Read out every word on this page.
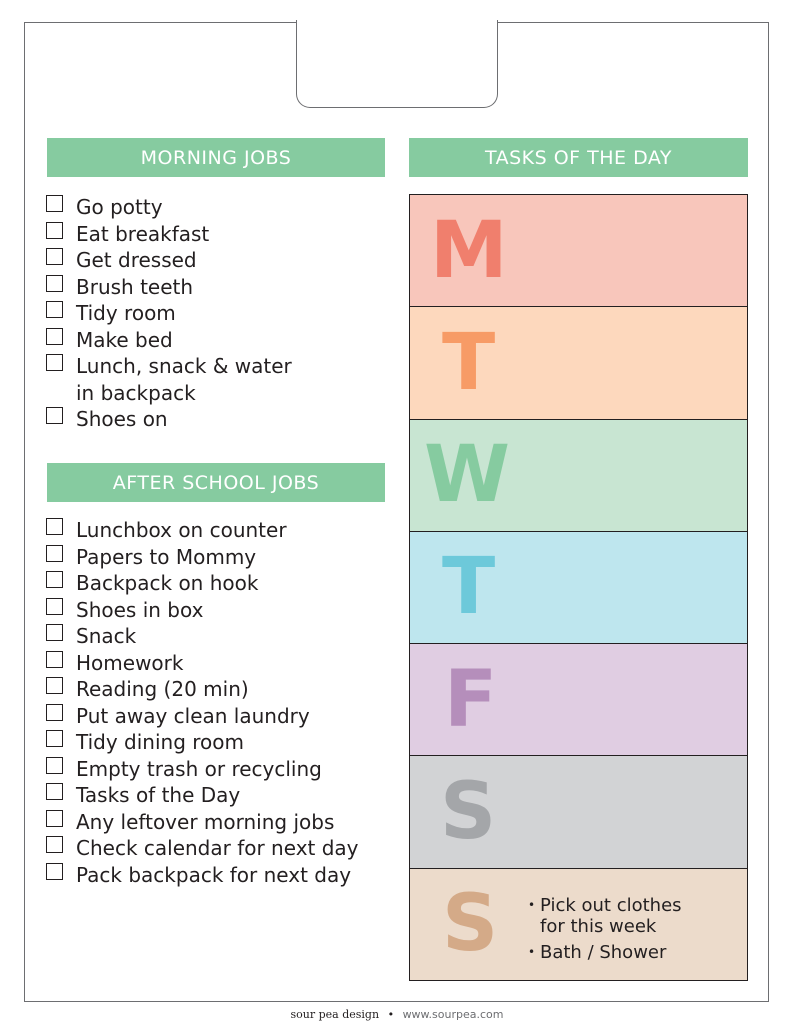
MORNING JOBS
Go potty
Eat breakfast
Get dressed
Brush teeth
Tidy room
Make bed
Lunch, snack & water
in backpack
Shoes on
AFTER SCHOOL JOBS
Lunchbox on counter
Papers to Mommy
Backpack on hook
Shoes in box
Snack
Homework
Reading (20 min)
Put away clean laundry
Tidy dining room
Empty trash or recycling
Tasks of the Day
Any leftover morning jobs
Check calendar for next day
Pack backpack for next day
TASKS OF THE DAY
M
T
W
T
F
S
S
•	Pick out clothes
for this week
• Bath / Shower
sour pea design • www.sourpea.com
